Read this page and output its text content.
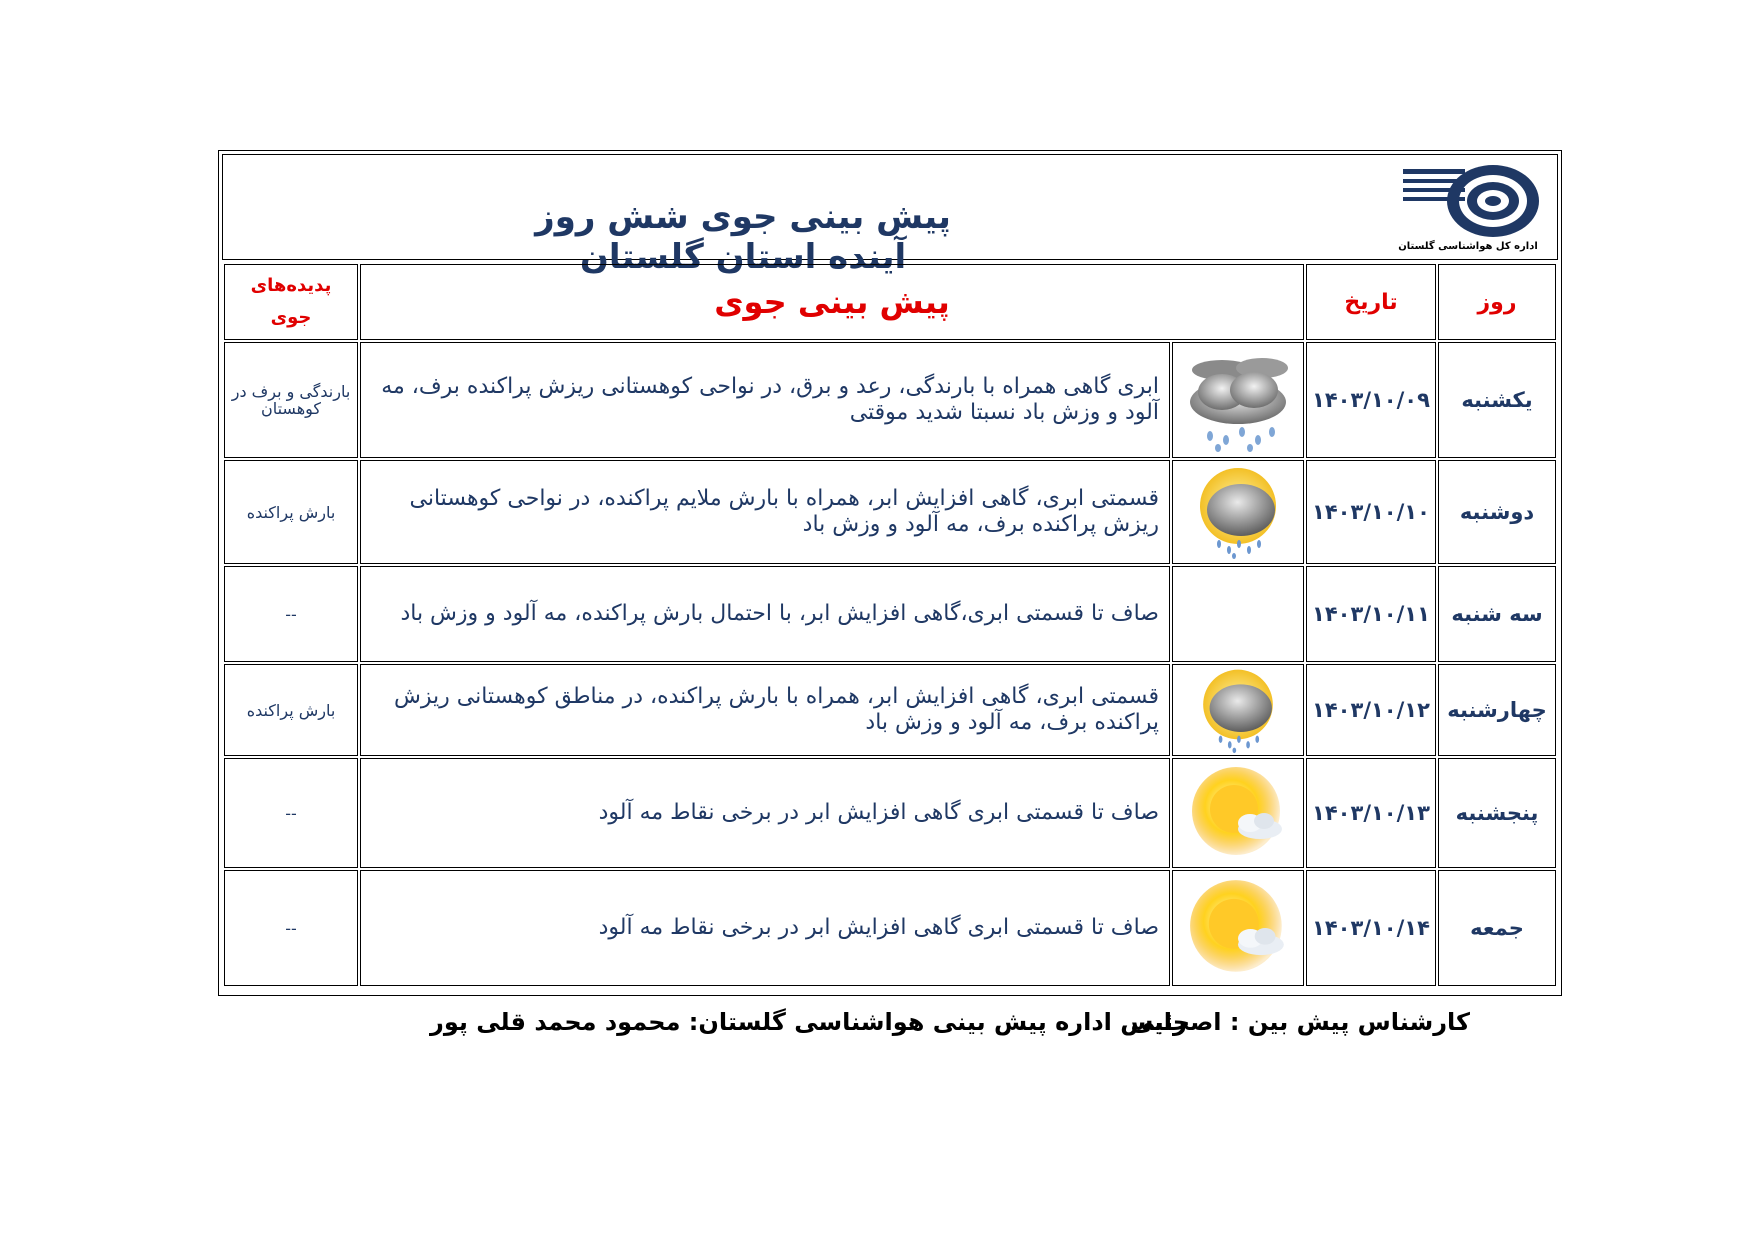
پیش بینی جوی شش روز آینده استان گلستان	اداره کل هواشناسی گلستان
پدیده‌های
جوی	پیش بینی جوی		تاریخ	روز
بارندگی و برف در کوهستان	ابری گاهی همراه با بارندگی، رعد و برق، در نواحی کوهستانی ریزش پراکنده برف، مه آلود و وزش باد نسبتا شدید موقتی		۱۴۰۳/۱۰/۰۹	یکشنبه
بارش پراکنده	قسمتی ابری، گاهی افزایش ابر، همراه با بارش ملایم پراکنده، در نواحی کوهستانی ریزش پراکنده برف، مه آلود و وزش باد		۱۴۰۳/۱۰/۱۰	دوشنبه
--	صاف تا قسمتی ابری،گاهی افزایش ابر، با احتمال بارش پراکنده، مه آلود و وزش باد		۱۴۰۳/۱۰/۱۱	سه شنبه
بارش پراکنده	قسمتی ابری، گاهی افزایش ابر، همراه با بارش پراکنده، در مناطق کوهستانی ریزش پراکنده برف، مه آلود و وزش باد		۱۴۰۳/۱۰/۱۲	چهارشنبه
--	صاف تا قسمتی ابری گاهی افزایش ابر در برخی نقاط مه آلود		۱۴۰۳/۱۰/۱۳	پنجشنبه
--	صاف تا قسمتی ابری گاهی افزایش ابر در برخی نقاط مه آلود		۱۴۰۳/۱۰/۱۴	جمعه
کارشناس پیش بین : اصحابی
رئیس اداره پیش بینی هواشناسی گلستان: محمود محمد قلی پور
